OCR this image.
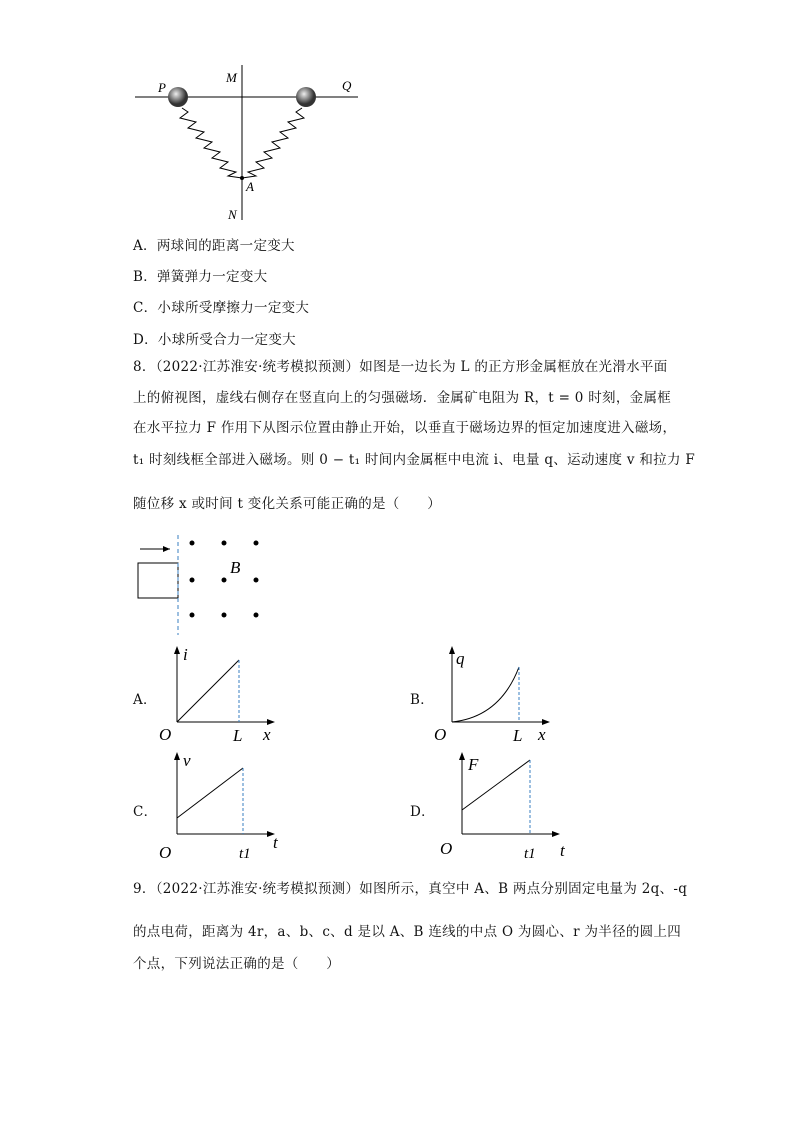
P
M
Q
A
N
A．两球间的距离一定变大
B．弹簧弹力一定变大
C．小球所受摩擦力一定变大
D．小球所受合力一定变大
8．（2022·江苏淮安·统考模拟预测）如图是一边长为 L 的正方形金属框放在光滑水平面
上的俯视图，虚线右侧存在竖直向上的匀强磁场．金属矿电阻为 R，t = 0 时刻，金属框
在水平拉力 F 作用下从图示位置由静止开始，以垂直于磁场边界的恒定加速度进入磁场，
t₁ 时刻线框全部进入磁场。则 0 − t₁ 时间内金属框中电流 i、电量 q、运动速度 v 和拉力 F
随位移 x 或时间 t 变化关系可能正确的是（　　）
B
A．
i
x
O	L
B．
q
x
O	L
C．
v
t
O	t1
D．
F
t
O	t1
9．（2022·江苏淮安·统考模拟预测）如图所示，真空中 A、B 两点分别固定电量为 2q、-q
的点电荷，距离为 4r，a、b、c、d 是以 A、B 连线的中点 O 为圆心、r 为半径的圆上四
个点，下列说法正确的是（　　）
